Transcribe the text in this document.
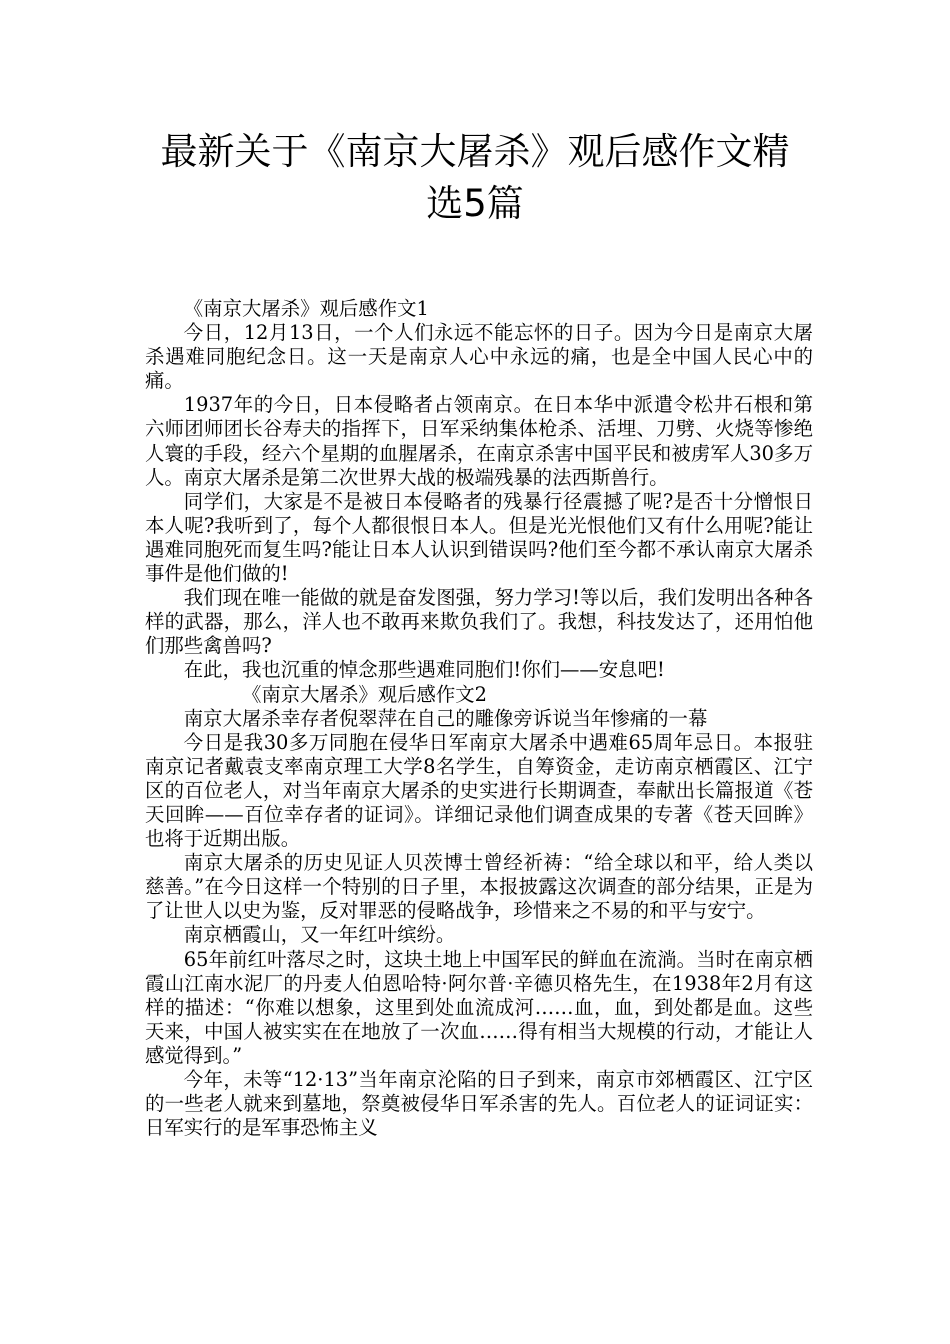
最新关于《南京大屠杀》观后感作文精
选5篇

《南京大屠杀》观后感作文1

今日，12月13日，一个人们永远不能忘怀的日子。因为今日是南京大屠杀遇难同胞纪念日。这一天是南京人心中永远的痛，也是全中国人民心中的痛。

1937年的今日，日本侵略者占领南京。在日本华中派遣令松井石根和第六师团师团长谷寿夫的指挥下，日军采纳集体枪杀、活埋、刀劈、火烧等惨绝人寰的手段，经六个星期的血腥屠杀，在南京杀害中国平民和被虏军人30多万人。南京大屠杀是第二次世界大战的极端残暴的法西斯兽行。

同学们，大家是不是被日本侵略者的残暴行径震撼了呢?是否十分憎恨日本人呢?我听到了，每个人都很恨日本人。但是光光恨他们又有什么用呢?能让遇难同胞死而复生吗?能让日本人认识到错误吗?他们至今都不承认南京大屠杀事件是他们做的!

我们现在唯一能做的就是奋发图强，努力学习!等以后，我们发明出各种各样的武器，那么，洋人也不敢再来欺负我们了。我想，科技发达了，还用怕他们那些禽兽吗?

在此，我也沉重的悼念那些遇难同胞们!你们——安息吧!

《南京大屠杀》观后感作文2

南京大屠杀幸存者倪翠萍在自己的雕像旁诉说当年惨痛的一幕

今日是我30多万同胞在侵华日军南京大屠杀中遇难65周年忌日。本报驻南京记者戴袁支率南京理工大学8名学生，自筹资金，走访南京栖霞区、江宁区的百位老人，对当年南京大屠杀的史实进行长期调查，奉献出长篇报道《苍天回眸——百位幸存者的证词》。详细记录他们调查成果的专著《苍天回眸》也将于近期出版。

南京大屠杀的历史见证人贝茨博士曾经祈祷：“给全球以和平，给人类以慈善。”在今日这样一个特别的日子里，本报披露这次调查的部分结果，正是为了让世人以史为鉴，反对罪恶的侵略战争，珍惜来之不易的和平与安宁。

南京栖霞山，又一年红叶缤纷。

65年前红叶落尽之时，这块土地上中国军民的鲜血在流淌。当时在南京栖霞山江南水泥厂的丹麦人伯恩哈特·阿尔普·辛德贝格先生，在1938年2月有这样的描述：“你难以想象，这里到处血流成河……血，血，到处都是血。这些天来，中国人被实实在在地放了一次血……得有相当大规模的行动，才能让人感觉得到。”

今年，未等“12·13”当年南京沦陷的日子到来，南京市郊栖霞区、江宁区的一些老人就来到墓地，祭奠被侵华日军杀害的先人。百位老人的证词证实：日军实行的是军事恐怖主义
